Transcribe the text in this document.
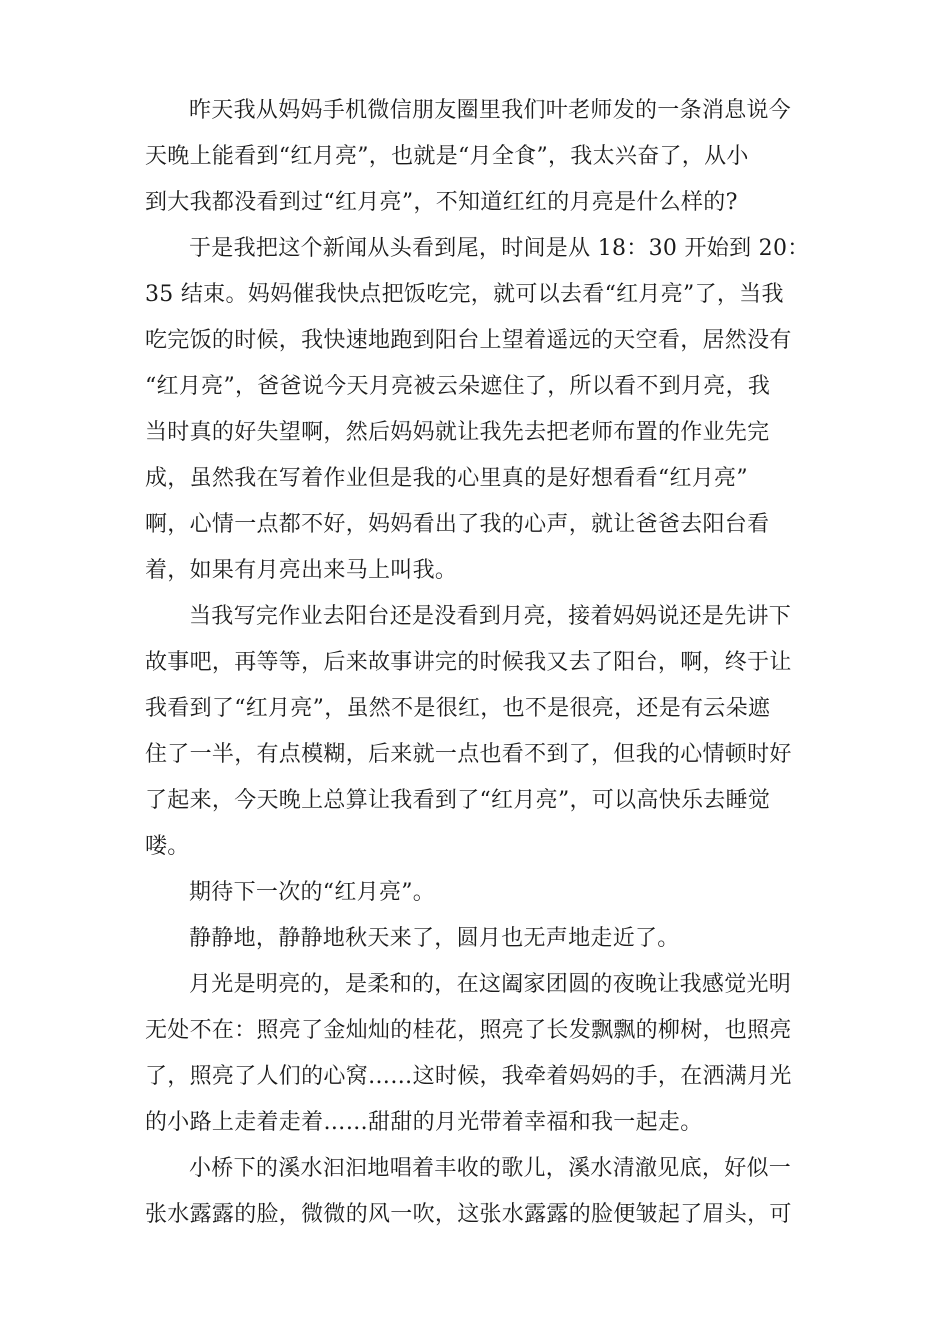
昨天我从妈妈手机微信朋友圈里我们叶老师发的一条消息说今
天晚上能看到“红月亮”，也就是“月全食”，我太兴奋了，从小
到大我都没看到过“红月亮”，不知道红红的月亮是什么样的?

于是我把这个新闻从头看到尾，时间是从 18：30 开始到 20：
35 结束。妈妈催我快点把饭吃完，就可以去看“红月亮”了，当我
吃完饭的时候，我快速地跑到阳台上望着遥远的天空看，居然没有
“红月亮”，爸爸说今天月亮被云朵遮住了，所以看不到月亮，我
当时真的好失望啊，然后妈妈就让我先去把老师布置的作业先完
成，虽然我在写着作业但是我的心里真的是好想看看“红月亮”
啊，心情一点都不好，妈妈看出了我的心声，就让爸爸去阳台看
着，如果有月亮出来马上叫我。

当我写完作业去阳台还是没看到月亮，接着妈妈说还是先讲下
故事吧，再等等，后来故事讲完的时候我又去了阳台，啊，终于让
我看到了“红月亮”，虽然不是很红，也不是很亮，还是有云朵遮
住了一半，有点模糊，后来就一点也看不到了，但我的心情顿时好
了起来，今天晚上总算让我看到了“红月亮”，可以高快乐去睡觉
喽。

期待下一次的“红月亮”。

静静地，静静地秋天来了，圆月也无声地走近了。

月光是明亮的，是柔和的，在这阖家团圆的夜晚让我感觉光明
无处不在：照亮了金灿灿的桂花，照亮了长发飘飘的柳树，也照亮
了，照亮了人们的心窝……这时候，我牵着妈妈的手，在洒满月光
的小路上走着走着……甜甜的月光带着幸福和我一起走。

小桥下的溪水汩汩地唱着丰收的歌儿，溪水清澈见底，好似一
张水露露的脸，微微的风一吹，这张水露露的脸便皱起了眉头，可
